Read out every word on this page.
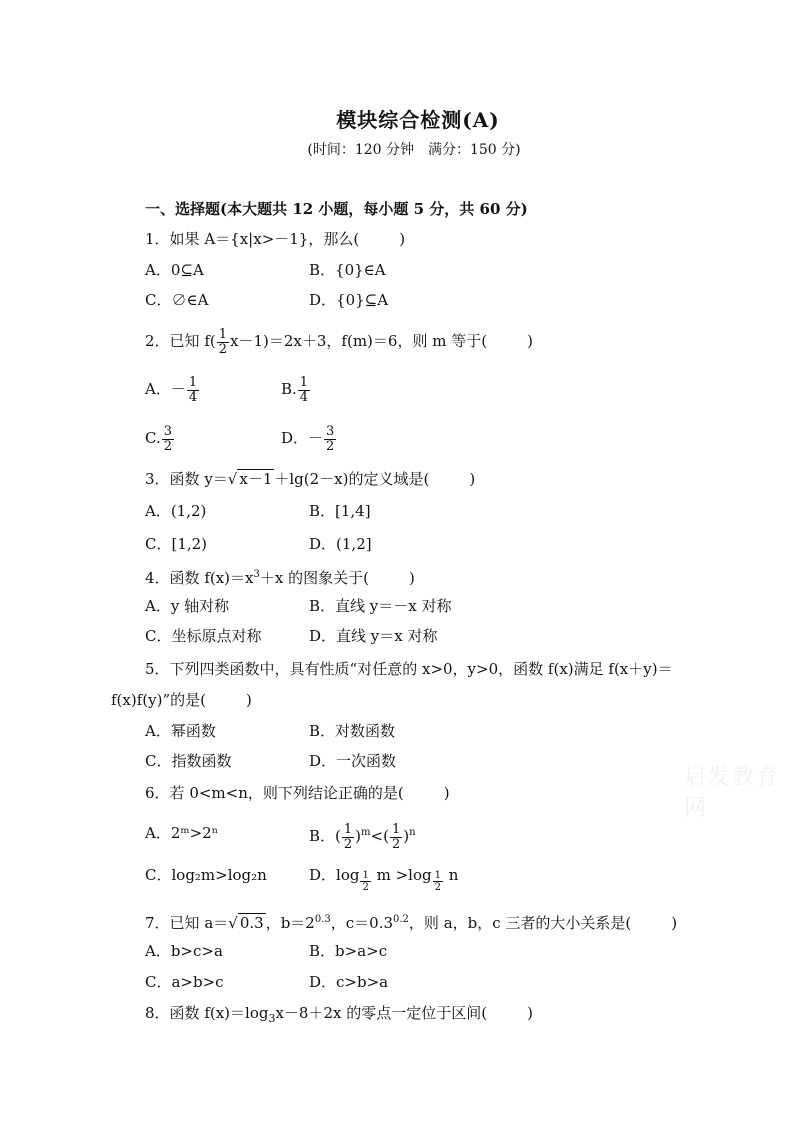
模块综合检测(A)
(时间：120 分钟　满分：150 分)
一、选择题(本大题共 12 小题，每小题 5 分，共 60 分)
1．如果 A＝{x|x>－1}，那么(	)
A．0⊆A	B．{0}∈A
C．∅∈A	D．{0}⊆A
2．已知 $f( \frac{1}{2} x-1)=2x+3$，f(m)＝6，则 m 等于(	)
A．－ $\frac{1}{4}$	B. $\frac{1}{4}$
C. $\frac{3}{2}$	D．－ $\frac{3}{2}$
3．函数 y＝√ x－1 ＋lg(2－x)的定义域是(	)
A．(1,2)	B．[1,4]
C．[1,2)	D．(1,2]
4．函数 $f(x)=x^3+x$ 的图象关于(	)
A．y 轴对称	B．直线 y＝－x 对称
C．坐标原点对称	D．直线 y＝x 对称
5．下列四类函数中，具有性质“对任意的 x>0，y>0，函数 f(x)满足 f(x＋y)＝
f(x)f(y)”的是(	)
A．幂函数	B．对数函数
C．指数函数	D．一次函数
启发教育网
6．若 0<m<n，则下列结论正确的是(	)
A．2ᵐ>2ⁿ	B．( $\frac{1}{2} )^m<( \frac{1}{2} )^n$
C．log₂m>log₂n	D．$\log \frac{1}{2}$ $m >\log \frac{1}{2}$ n
7．已知 a＝√ 0.3 ，$b=2^{0.3}$，$c=0.3^{0.2}$，则 a，b，c 三者的大小关系是(	)
A．b>c>a	B．b>a>c
C．a>b>c	D．c>b>a
8．函数 $f(x)=\log_3x-8+2x$ 的零点一定位于区间(	)
